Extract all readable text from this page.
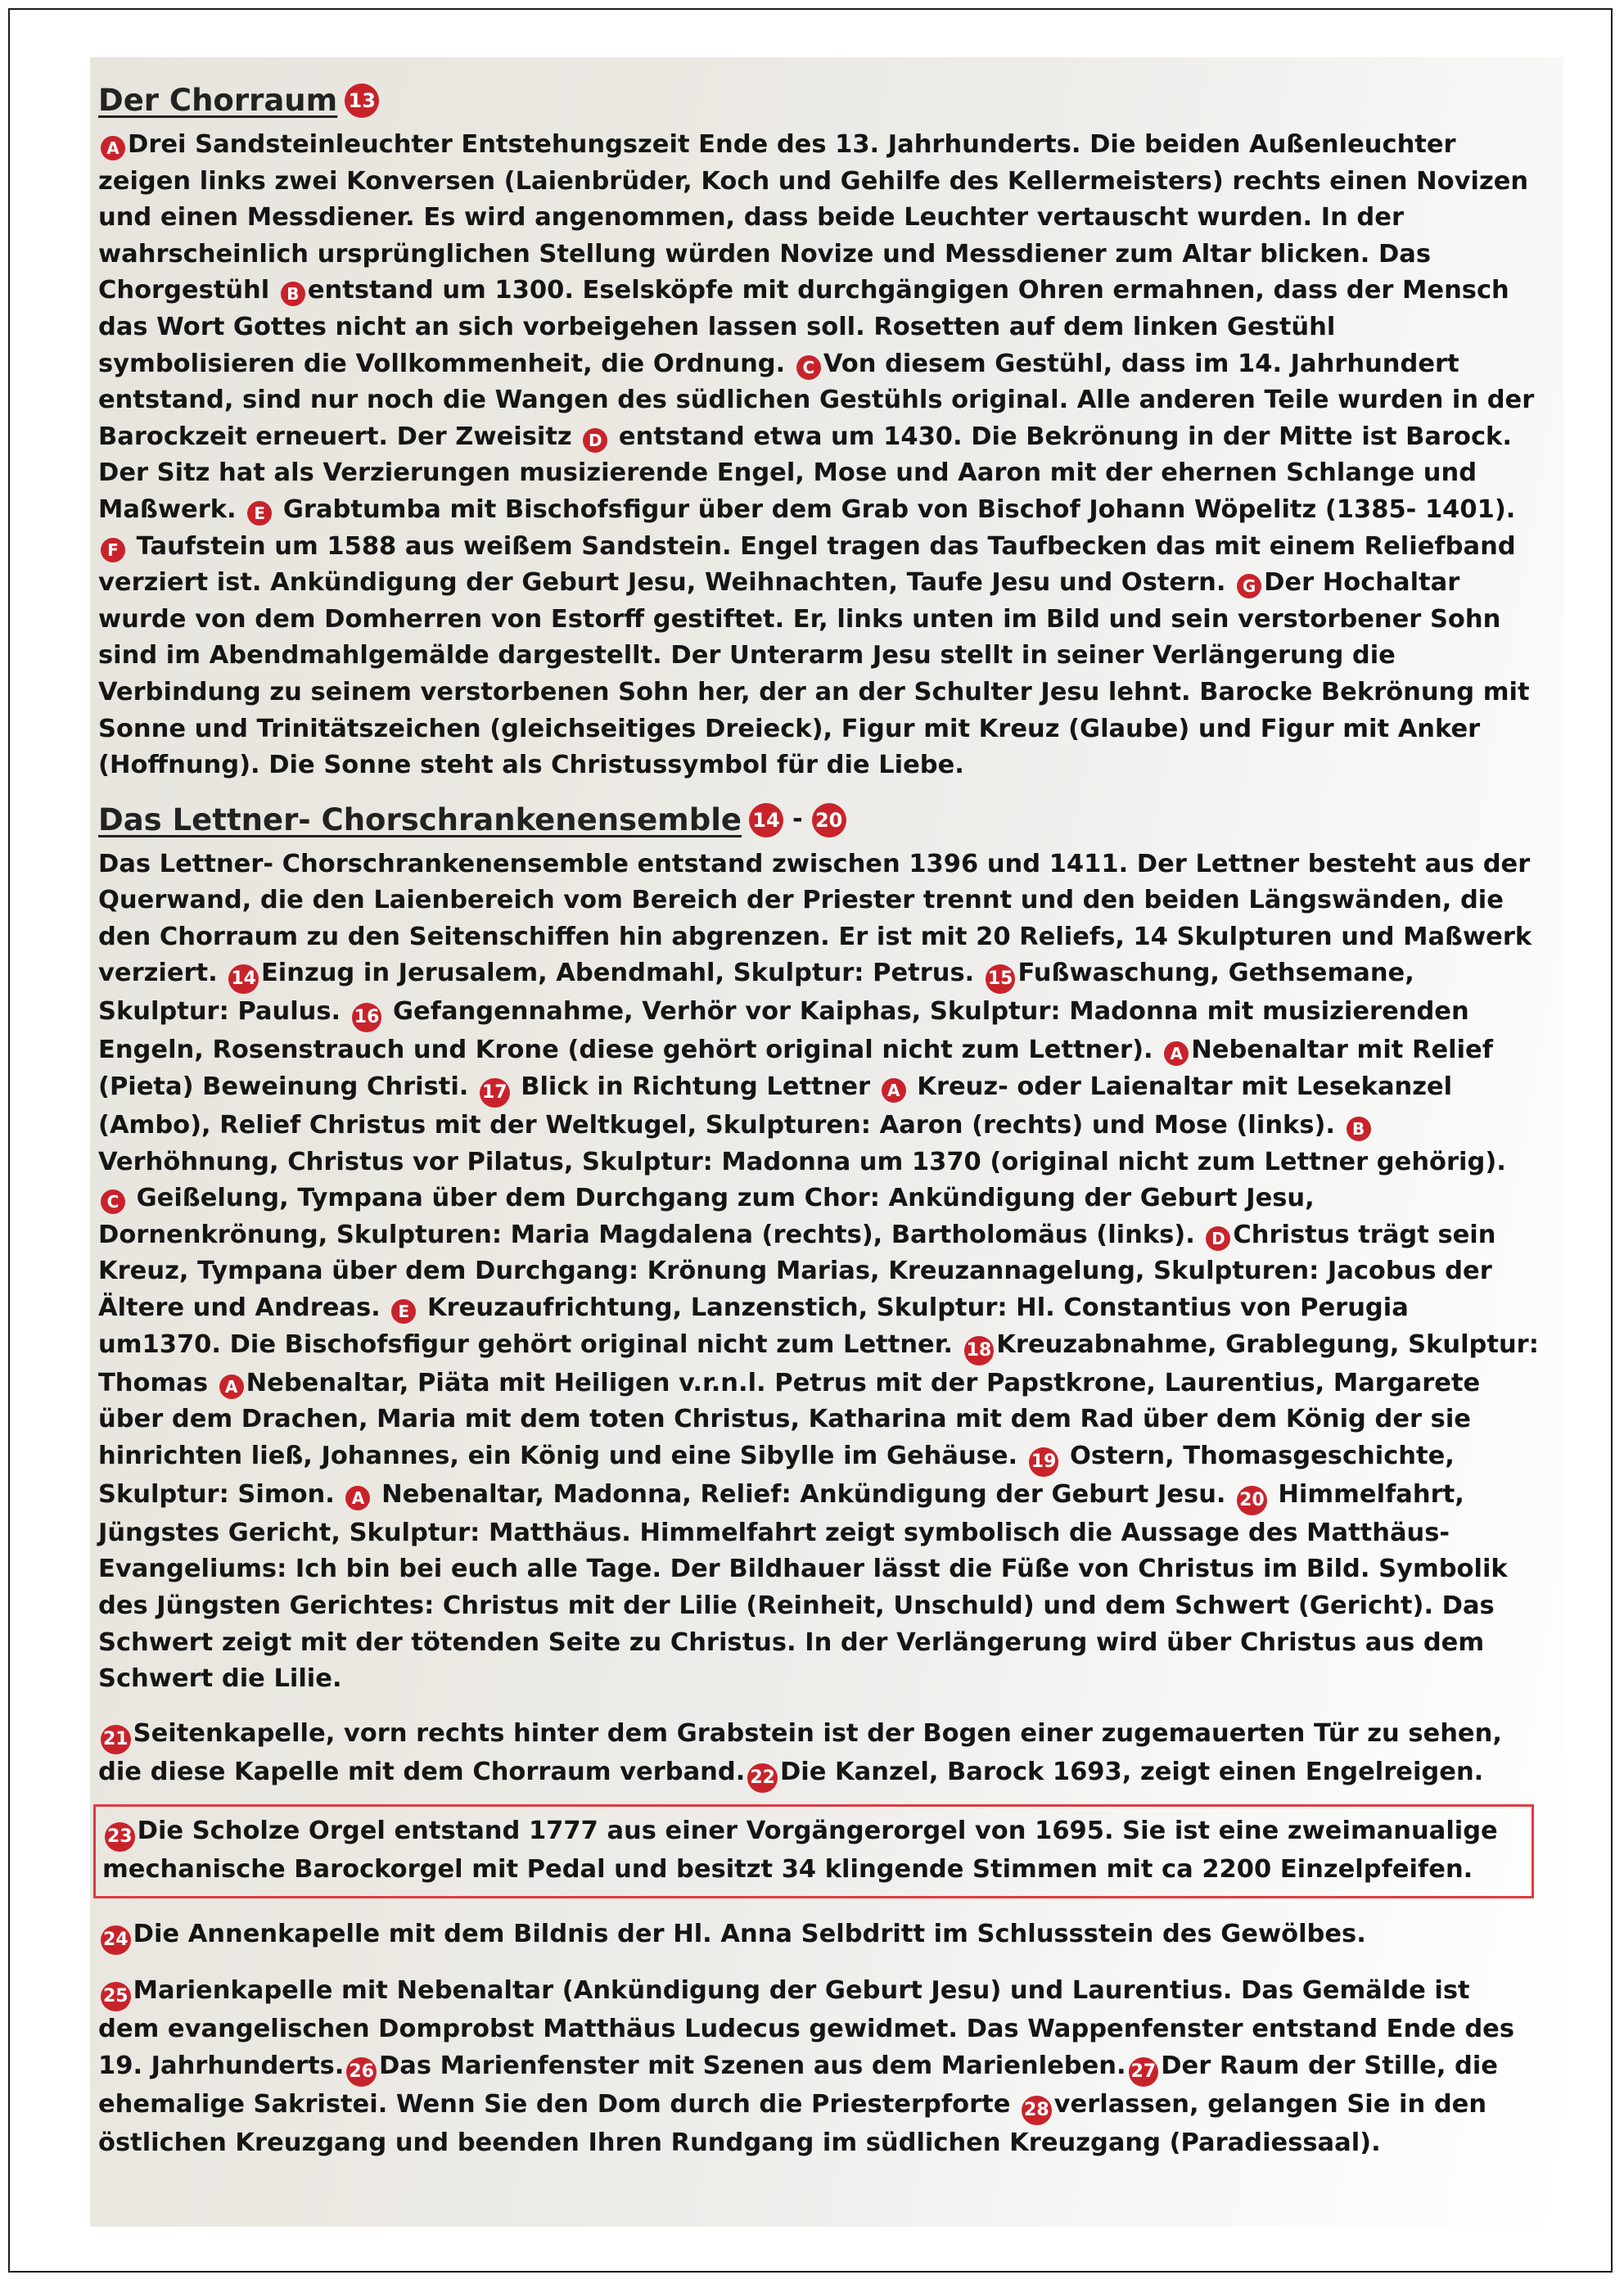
Der Chorraum 13

A Drei Sandsteinleuchter Entstehungszeit Ende des 13. Jahrhunderts. Die beiden Außenleuchter zeigen links zwei Konversen (Laienbrüder, Koch und Gehilfe des Kellermeisters) rechts einen Novizen und einen Messdiener. Es wird angenommen, dass beide Leuchter vertauscht wurden. In der wahrscheinlich ursprünglichen Stellung würden Novize und Messdiener zum Altar blicken. Das Chorgestühl B entstand um 1300. Eselsköpfe mit durchgängigen Ohren ermahnen, dass der Mensch das Wort Gottes nicht an sich vorbeigehen lassen soll. Rosetten auf dem linken Gestühl symbolisieren die Vollkommenheit, die Ordnung. C Von diesem Gestühl, dass im 14. Jahrhundert entstand, sind nur noch die Wangen des südlichen Gestühls original. Alle anderen Teile wurden in der Barockzeit erneuert. Der Zweisitz D entstand etwa um 1430. Die Bekrönung in der Mitte ist Barock. Der Sitz hat als Verzierungen musizierende Engel, Mose und Aaron mit der ehernen Schlange und Maßwerk. E Grabtumba mit Bischofsfigur über dem Grab von Bischof Johann Wöpelitz (1385- 1401). F Taufstein um 1588 aus weißem Sandstein. Engel tragen das Taufbecken das mit einem Reliefband verziert ist. Ankündigung der Geburt Jesu, Weihnachten, Taufe Jesu und Ostern. G Der Hochaltar wurde von dem Domherren von Estorff gestiftet. Er, links unten im Bild und sein verstorbener Sohn sind im Abendmahlgemälde dargestellt. Der Unterarm Jesu stellt in seiner Verlängerung die Verbindung zu seinem verstorbenen Sohn her, der an der Schulter Jesu lehnt. Barocke Bekrönung mit Sonne und Trinitätszeichen (gleichseitiges Dreieck), Figur mit Kreuz (Glaube) und Figur mit Anker (Hoffnung). Die Sonne steht als Christussymbol für die Liebe.

Das Lettner- Chorschrankenensemble 14 - 20

Das Lettner- Chorschrankenensemble entstand zwischen 1396 und 1411. Der Lettner besteht aus der Querwand, die den Laienbereich vom Bereich der Priester trennt und den beiden Längswänden, die den Chorraum zu den Seitenschiffen hin abgrenzen. Er ist mit 20 Reliefs, 14 Skulpturen und Maßwerk verziert. 14 Einzug in Jerusalem, Abendmahl, Skulptur: Petrus. 15 Fußwaschung, Gethsemane, Skulptur: Paulus. 16 Gefangennahme, Verhör vor Kaiphas, Skulptur: Madonna mit musizierenden Engeln, Rosenstrauch und Krone (diese gehört original nicht zum Lettner). A Nebenaltar mit Relief (Pieta) Beweinung Christi. 17 Blick in Richtung Lettner A Kreuz- oder Laienaltar mit Lesekanzel (Ambo), Relief Christus mit der Weltkugel, Skulpturen: Aaron (rechts) und Mose (links). BVerhöhnung, Christus vor Pilatus, Skulptur: Madonna um 1370 (original nicht zum Lettner gehörig). C Geißelung, Tympana über dem Durchgang zum Chor: Ankündigung der Geburt Jesu, Dornenkrönung, Skulpturen: Maria Magdalena (rechts), Bartholomäus (links). D Christus trägt sein Kreuz, Tympana über dem Durchgang: Krönung Marias, Kreuzannagelung, Skulpturen: Jacobus der Ältere und Andreas. E Kreuzaufrichtung, Lanzenstich, Skulptur: Hl. Constantius von Perugia um1370. Die Bischofsfigur gehört original nicht zum Lettner. 18 Kreuzabnahme, Grablegung, Skulptur: Thomas A Nebenaltar, Piäta mit Heiligen v.r.n.l. Petrus mit der Papstkrone, Laurentius, Margarete über dem Drachen, Maria mit dem toten Christus, Katharina mit dem Rad über dem König der sie hinrichten ließ, Johannes, ein König und eine Sibylle im Gehäuse. 19 Ostern, Thomasgeschichte, Skulptur: Simon. A Nebenaltar, Madonna, Relief: Ankündigung der Geburt Jesu. 20 Himmelfahrt, Jüngstes Gericht, Skulptur: Matthäus. Himmelfahrt zeigt symbolisch die Aussage des Matthäus- Evangeliums: Ich bin bei euch alle Tage. Der Bildhauer lässt die Füße von Christus im Bild. Symbolik des Jüngsten Gerichtes: Christus mit der Lilie (Reinheit, Unschuld) und dem Schwert (Gericht). Das Schwert zeigt mit der tötenden Seite zu Christus. In der Verlängerung wird über Christus aus dem Schwert die Lilie.

21 Seitenkapelle, vorn rechts hinter dem Grabstein ist der Bogen einer zugemauerten Tür zu sehen, die diese Kapelle mit dem Chorraum verband. 22 Die Kanzel, Barock 1693, zeigt einen Engelreigen.

23 Die Scholze Orgel entstand 1777 aus einer Vorgängerorgel von 1695. Sie ist eine zweimanualige mechanische Barockorgel mit Pedal und besitzt 34 klingende Stimmen mit ca 2200 Einzelpfeifen.

24 Die Annenkapelle mit dem Bildnis der Hl. Anna Selbdritt im Schlussstein des Gewölbes.

25 Marienkapelle mit Nebenaltar (Ankündigung der Geburt Jesu) und Laurentius. Das Gemälde ist dem evangelischen Domprobst Matthäus Ludecus gewidmet. Das Wappenfenster entstand Ende des 19. Jahrhunderts. 26 Das Marienfenster mit Szenen aus dem Marienleben. 27 Der Raum der Stille, die ehemalige Sakristei. Wenn Sie den Dom durch die Priesterpforte 28 verlassen, gelangen Sie in den östlichen Kreuzgang und beenden Ihren Rundgang im südlichen Kreuzgang (Paradiessaal).
